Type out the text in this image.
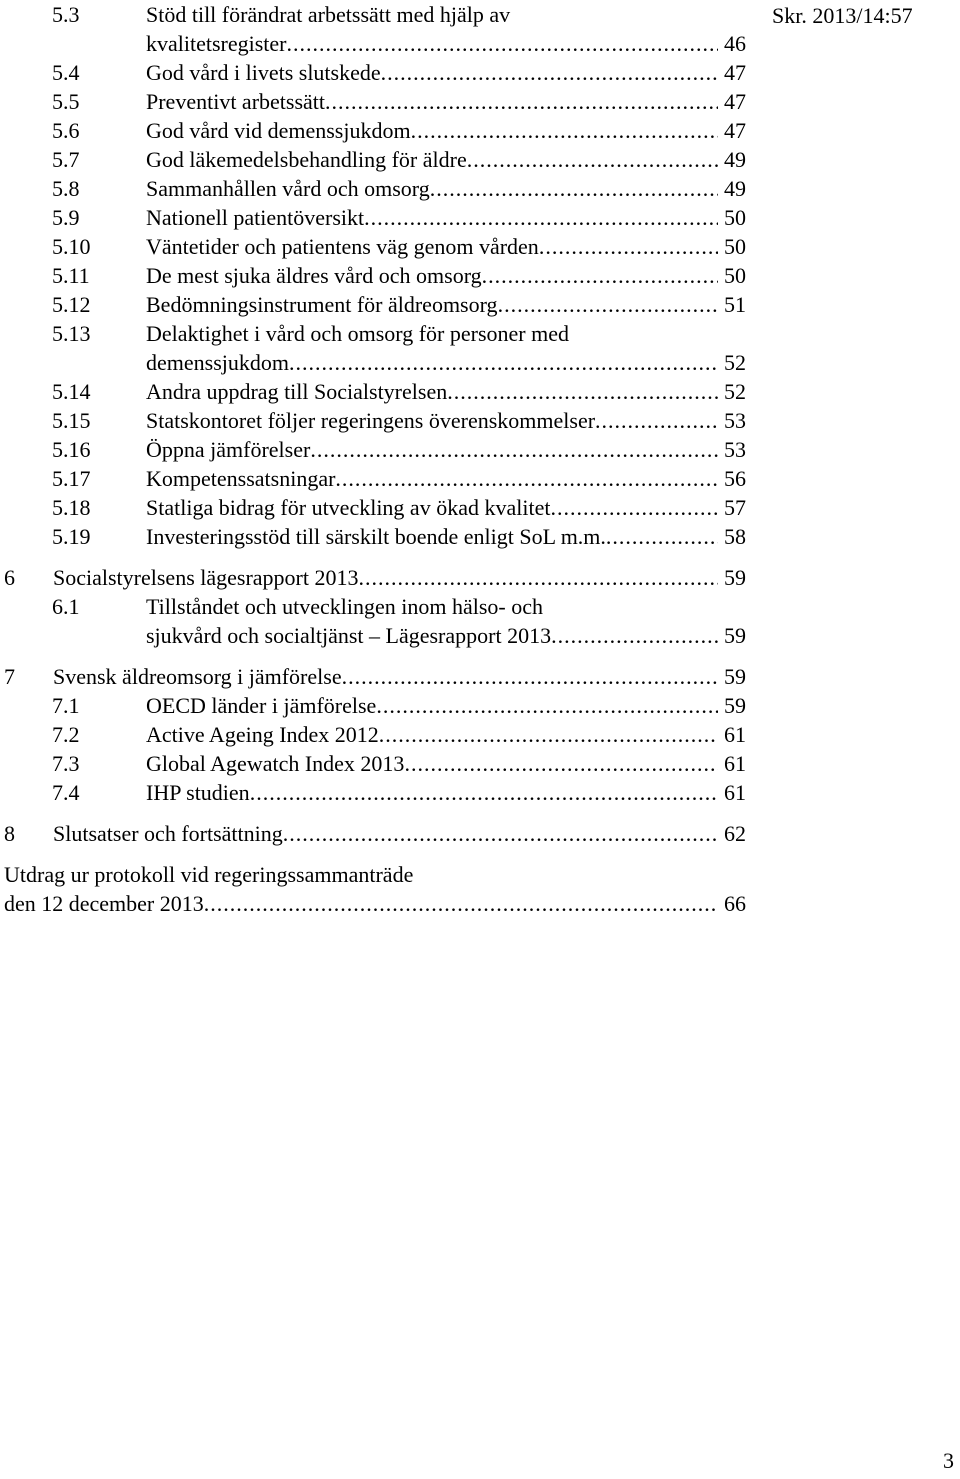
Skr. 2013/14:57
5.3	Stöd till förändrat arbetssätt med hjälp av
kvalitetsregister .....	46
5.4	God vård i livets slutskede .....	47
5.5	Preventivt arbetssätt .....	47
5.6	God vård vid demenssjukdom .....	47
5.7	God läkemedelsbehandling för äldre .....	49
5.8	Sammanhållen vård och omsorg .....	49
5.9	Nationell patientöversikt .....	50
5.10	Väntetider och patientens väg genom vården .....	50
5.11	De mest sjuka äldres vård och omsorg .....	50
5.12	Bedömningsinstrument för äldreomsorg .....	51
5.13	Delaktighet i vård och omsorg för personer med
demenssjukdom .....	52
5.14	Andra uppdrag till Socialstyrelsen .....	52
5.15	Statskontoret följer regeringens överenskommelser .....	53
5.16	Öppna jämförelser .....	53
5.17	Kompetenssatsningar .....	56
5.18	Statliga bidrag för utveckling av ökad kvalitet .....	57
5.19	Investeringsstöd till särskilt boende enligt SoL m.m. .....	58
6	Socialstyrelsens lägesrapport 2013 .....	59
6.1	Tillståndet och utvecklingen inom hälso- och
sjukvård och socialtjänst – Lägesrapport 2013 .....	59
7	Svensk äldreomsorg i jämförelse .....	59
7.1	OECD länder i jämförelse .....	59
7.2	Active Ageing Index 2012 .....	61
7.3	Global Agewatch Index 2013 .....	61
7.4	IHP studien .....	61
8	Slutsatser och fortsättning .....	62
Utdrag ur protokoll vid regeringssammanträde
den 12 december 2013 .....	66
3
